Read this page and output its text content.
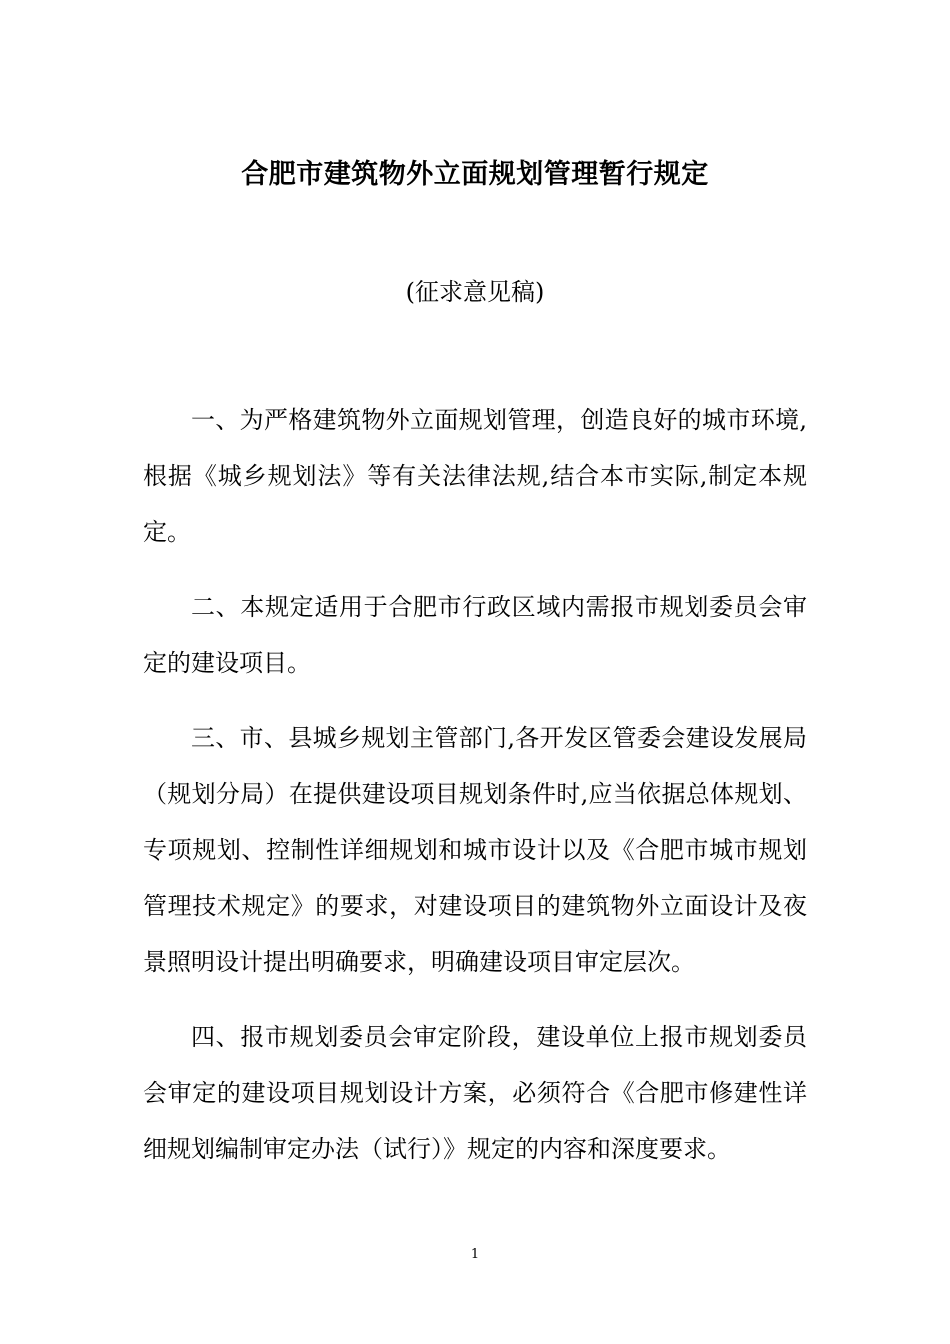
合肥市建筑物外立面规划管理暂行规定
(征求意见稿)

一、为严格建筑物外立面规划管理，创造良好的城市环境,根据《城乡规划法》等有关法律法规,结合本市实际,制定本规定。

二、本规定适用于合肥市行政区域内需报市规划委员会审定的建设项目。

三、市、县城乡规划主管部门,各开发区管委会建设发展局（规划分局）在提供建设项目规划条件时,应当依据总体规划、专项规划、控制性详细规划和城市设计以及《合肥市城市规划管理技术规定》的要求，对建设项目的建筑物外立面设计及夜景照明设计提出明确要求，明确建设项目审定层次。

四、报市规划委员会审定阶段，建设单位上报市规划委员会审定的建设项目规划设计方案，必须符合《合肥市修建性详细规划编制审定办法（试行）》规定的内容和深度要求。

1
